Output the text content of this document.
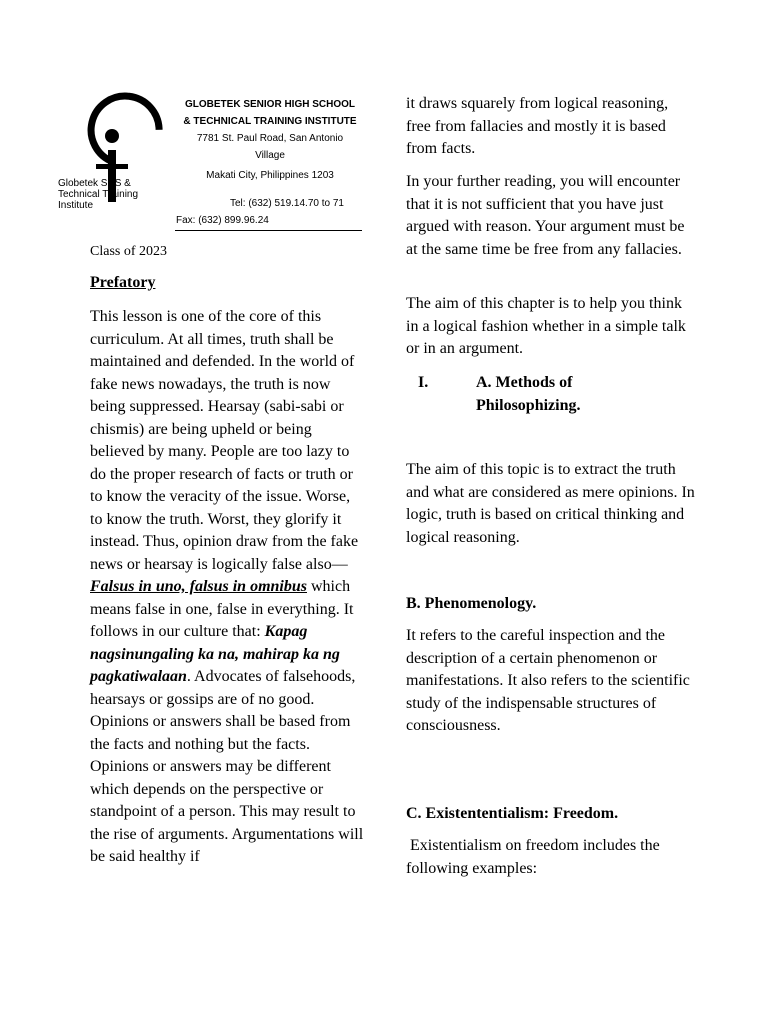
Globetek SHS &
Technical Training
Institute
GLOBETEK SENIOR HIGH SCHOOL
& TECHNICAL TRAINING INSTITUTE
7781 St. Paul Road, San Antonio
Village
Makati City, Philippines 1203
Tel: (632) 519.14.70 to 71
Fax: (632) 899.96.24
Class of 2023
Prefatory

This lesson is one of the core of this curriculum. At all times, truth shall be maintained and defended. In the world of fake news nowadays, the truth is now being suppressed. Hearsay (sabi-sabi or chismis) are being upheld or being believed by many. People are too lazy to do the proper research of facts or truth or to know the veracity of the issue. Worse, to know the truth. Worst, they glorify it instead. Thus, opinion draw from the fake news or hearsay is logically false also—Falsus in uno, falsus in omnibus which means false in one, false in everything. It follows in our culture that: Kapag nagsinungaling ka na, mahirap ka ng pagkatiwalaan. Advocates of falsehoods, hearsays or gossips are of no good. Opinions or answers shall be based from the facts and nothing but the facts. Opinions or answers may be different which depends on the perspective or standpoint of a person. This may result to the rise of arguments. Argumentations will be said healthy if

it draws squarely from logical reasoning, free from fallacies and mostly it is based from facts.
In your further reading, you will encounter that it is not sufficient that you have just argued with reason. Your argument must be at the same time be free from any fallacies.
The aim of this chapter is to help you think in a logical fashion whether in a simple talk or in an argument.
I.	A. Methods of
Philosophizing.
The aim of this topic is to extract the truth and what are considered as mere opinions. In logic, truth is based on critical thinking and logical reasoning.
B. Phenomenology.
It refers to the careful inspection and the description of a certain phenomenon or manifestations. It also refers to the scientific study of the indispensable structures of consciousness.
C. Existententialism: Freedom.
Existentialism on freedom includes the following examples:
